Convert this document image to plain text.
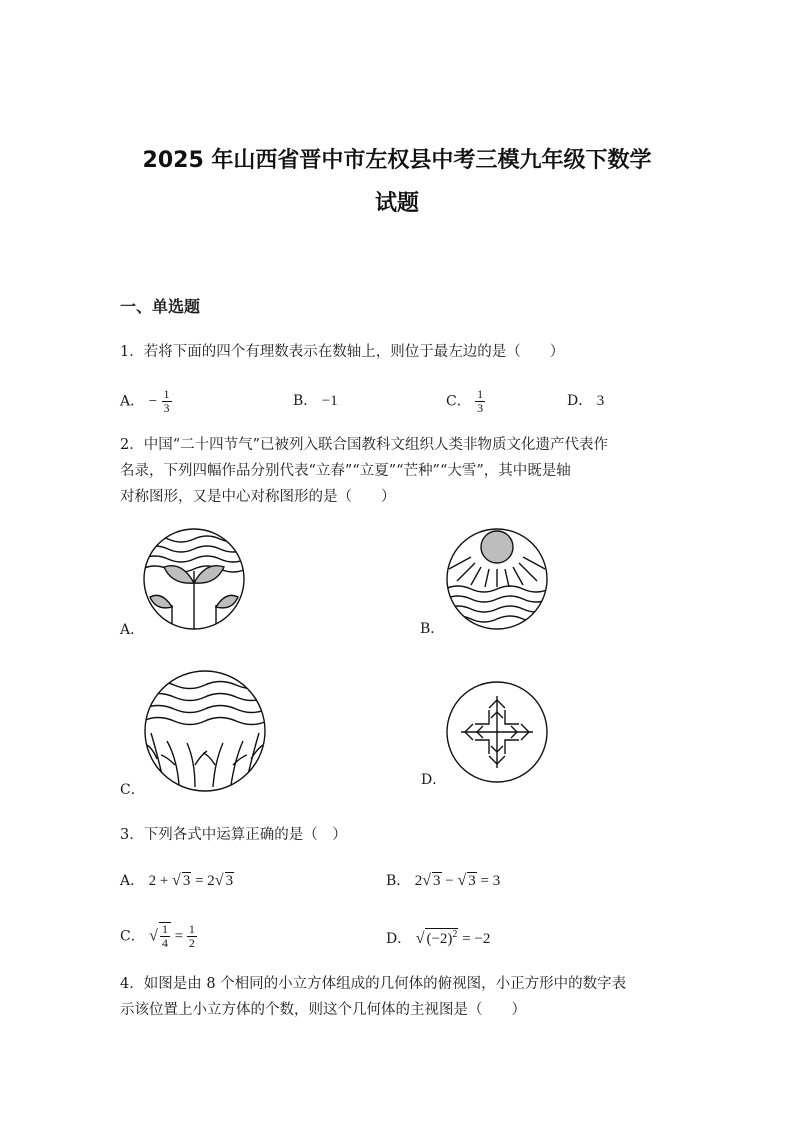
2025 年山西省晋中市左权县中考三模九年级下数学
试题
一、单选题
1．若将下面的四个有理数表示在数轴上，则位于最左边的是（　　）
A． − $\frac{1}{3}$	B． −1	C． $\frac{1}{3}$	D． 3
2．中国“二十四节气”已被列入联合国教科文组织人类非物质文化遗产代表作
名录，下列四幅作品分别代表“立春”“立夏”“芒种”“大雪”，其中既是轴
对称图形，又是中心对称图形的是（　　）
A．	B．
C．
D．
3．下列各式中运算正确的是（　）
A． 2 + √ 3 = 2√ 3	B． 2√ 3 − √ 3 = 3
C． √ $\frac{1}{4} = \frac{1}{2}$	D． √ $(-2)^2 = -2$
4．如图是由 8 个相同的小立方体组成的几何体的俯视图，小正方形中的数字表
示该位置上小立方体的个数，则这个几何体的主视图是（　　）
